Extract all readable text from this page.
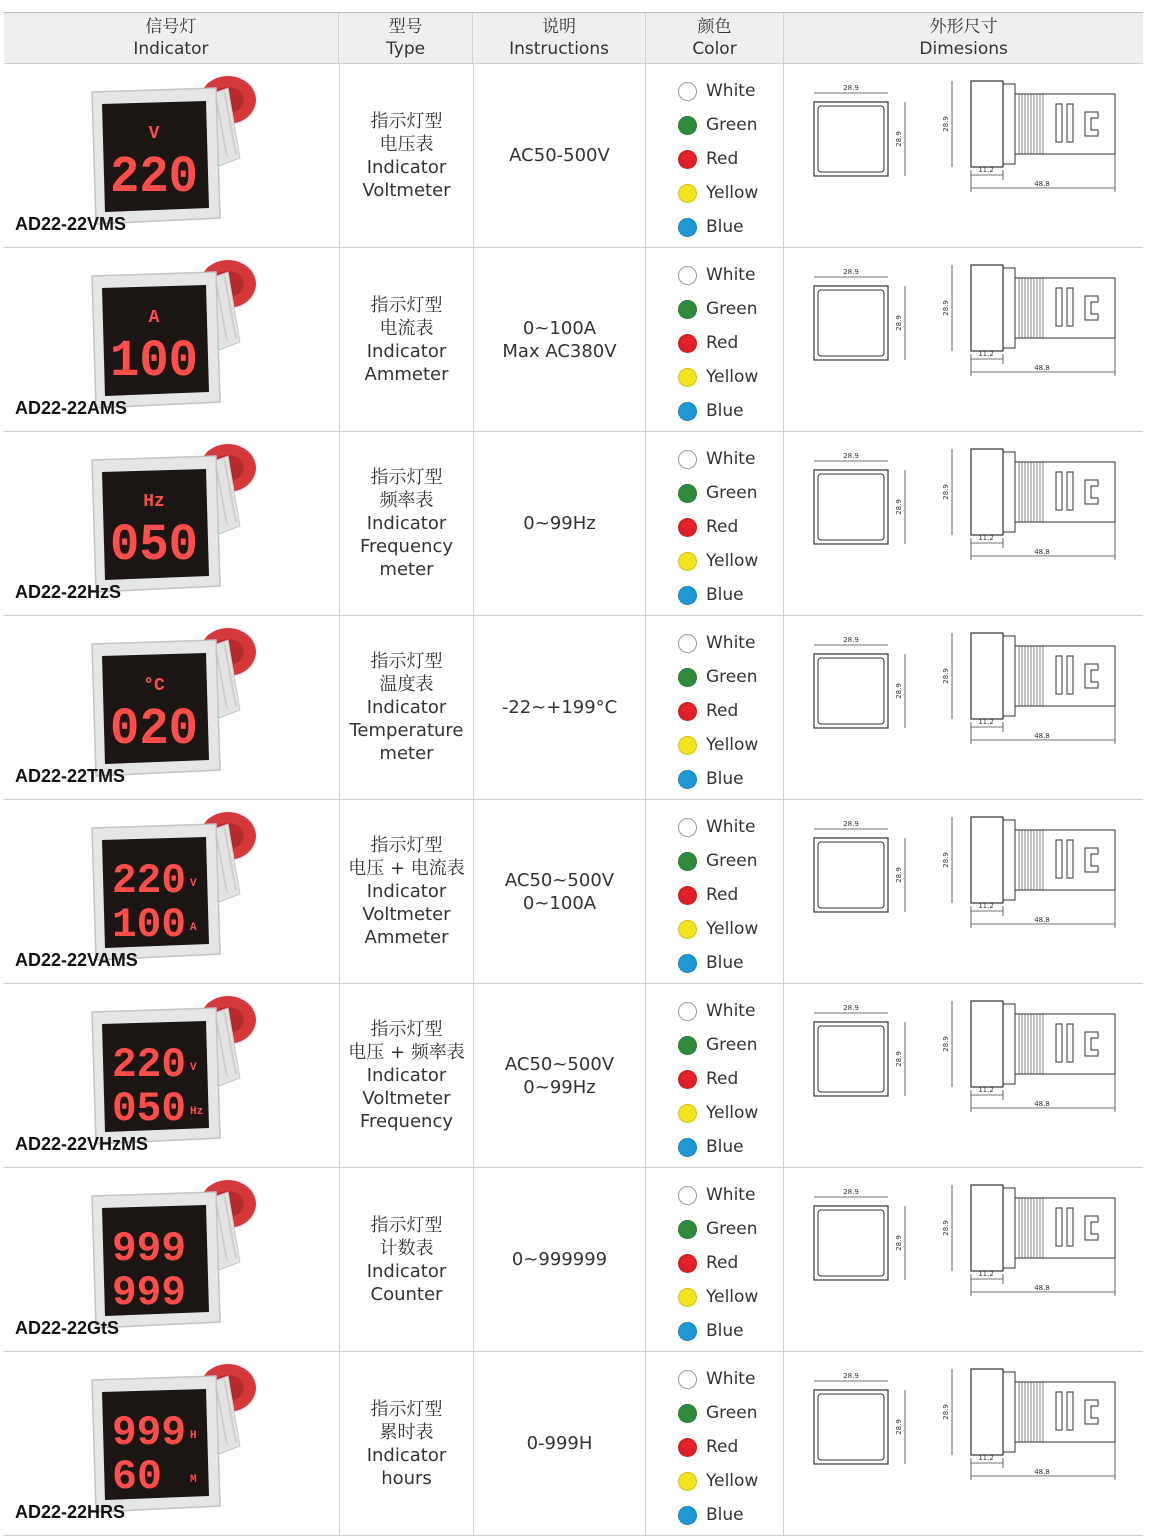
信号灯
Indicator
型号
Type
说明
Instructions
颜色
Color
外形尺寸
Dimesions
V
220
AD22-22VMS
指示灯型
电压表
Indicator
Voltmeter
AC50-500V
White
Green
Red
Yellow
Blue
28.9
28.9
28.9
11.2
48.8
A
100
AD22-22AMS
指示灯型
电流表
Indicator
Ammeter
0~100A
Max AC380V
White
Green
Red
Yellow
Blue
28.9
28.9
28.9
11.2
48.8
Hz
050
AD22-22HzS
指示灯型
频率表
Indicator
Frequency
meter
0~99Hz
White
Green
Red
Yellow
Blue
28.9
28.9
28.9
11.2
48.8
°C
020
AD22-22TMS
指示灯型
温度表
Indicator
Temperature
meter
-22~+199°C
White
Green
Red
Yellow
Blue
28.9
28.9
28.9
11.2
48.8
220 V
100 A
AD22-22VAMS
指示灯型
电压 + 电流表
Indicator
Voltmeter
Ammeter
AC50~500V
0~100A
White
Green
Red
Yellow
Blue
28.9
28.9
28.9
11.2
48.8
220 V
050 Hz
AD22-22VHzMS
指示灯型
电压 + 频率表
Indicator
Voltmeter
Frequency
AC50~500V
0~99Hz
White
Green
Red
Yellow
Blue
28.9
28.9
28.9
11.2
48.8
999
999
AD22-22GtS
指示灯型
计数表
Indicator
Counter
0~999999
White
Green
Red
Yellow
Blue
28.9
28.9
28.9
11.2
48.8
999 H
60	M
AD22-22HRS
指示灯型
累时表
Indicator
hours
0-999H
White
Green
Red
Yellow
Blue
28.9
28.9
28.9
11.2
48.8
